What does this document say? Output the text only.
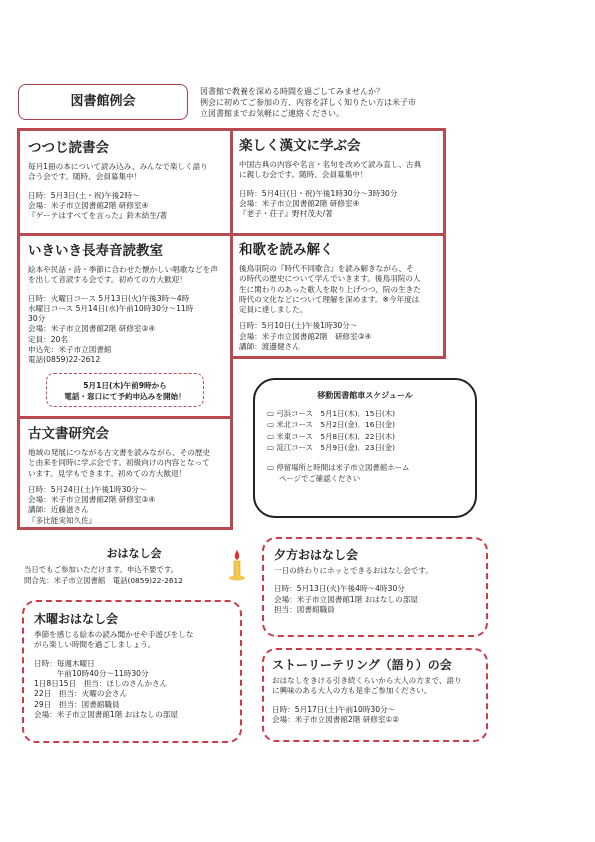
図書館例会
図書館で教養を深める時間を過ごしてみませんか？
例会に初めてご参加の方、内容を詳しく知りたい方は米子市
立図書館までお気軽にご連絡ください。
つつじ読書会

毎月1冊の本について読み込み、みんなで楽しく語り

合う会です。随時、会員募集中！

日時：5月3日(土・祝)午後2時～

会場：米子市立図書館2階 研修室④

『ゲーテはすべてを言った』鈴木結生/著

いきいき長寿音読教室

絵本や民話・詩・季節に合わせた懐かしい唱歌などを声

を出して音読する会です。初めての方大歓迎！

日時：火曜日コース 5月13日(火)午後3時～4時

水曜日コース 5月14日(水)午前10時30分～11時

30分

会場：米子市立図書館2階 研修室③④

定員：20名

申込先：米子市立図書館

電話(0859)22-2612

5月1日(木)午前9時から
電話・窓口にて予約申込みを開始！
古文書研究会

地域の発展につながる古文書を読みながら、その歴史

と由来を同時に学ぶ会です。初級向けの内容となって

います。見学もできます。初めての方大歓迎！

日時：5月24日(土)午後1時30分～

会場：米子市立図書館2階 研修室③④

講師：近藤滋さん

『多比能実知久佐』

楽しく漢文に学ぶ会

中国古典の内容や名言・名句を改めて読み直し、古典

に親しむ会です。随時、会員募集中！

日時：5月4日(日・祝)午後1時30分～3時30分

会場：米子市立図書館2階 研修室④

『老子・荘子』野村茂夫/著

和歌を読み解く

後鳥羽院の『時代不同歌合』を読み解きながら、そ

の時代の歴史について学んでいきます。後鳥羽院の人

生に関わりのあった歌人を取り上げつつ、院の生きた

時代の文化などについて理解を深めます。※今年度は

定員に達しました。

日時：5月10日(土)午後1時30分～

会場：米子市立図書館2階　研修室③④

講師：渡邊健さん

移動図書館車スケジュール
▭ 弓浜コース　5月1日(木)．15日(木)
▭ 米北コース　5月2日(金)．16日(金)
▭ 米東コース　5月8日(木)．22日(木)
▭ 淀江コース　5月9日(金)．23日(金)
▭ 停留場所と時間は米子市立図書館ホーム
ページでご確認ください
おはなし会
当日でもご参加いただけます。申込不要です。
問合先：米子市立図書館　電話(0859)22-2612
木曜おはなし会

季節を感じる絵本の読み聞かせや手遊びをしな

がら楽しい時間を過ごしましょう。

日時：毎週木曜日

　　　午前10時40分～11時30分

1日8日15日　担当：ほしのさんかさん

22日　担当：火曜の会さん

29日　担当：図書館職員

会場：米子市立図書館1階 おはなしの部屋

夕方おはなし会

一日の終わりにホッとできるおはなし会です。

日時：5月13日(火)午後4時～4時30分

会場：米子市立図書館1階 おはなしの部屋

担当：図書館職員

ストーリーテリング（語り）の会

おはなしをきける引き続くらいから大人の方まで、語り

に興味のある大人の方も是非ご参加ください。

日時：5月17日(土)午前10時30分～

会場：米子市立図書館2階 研修室①②
